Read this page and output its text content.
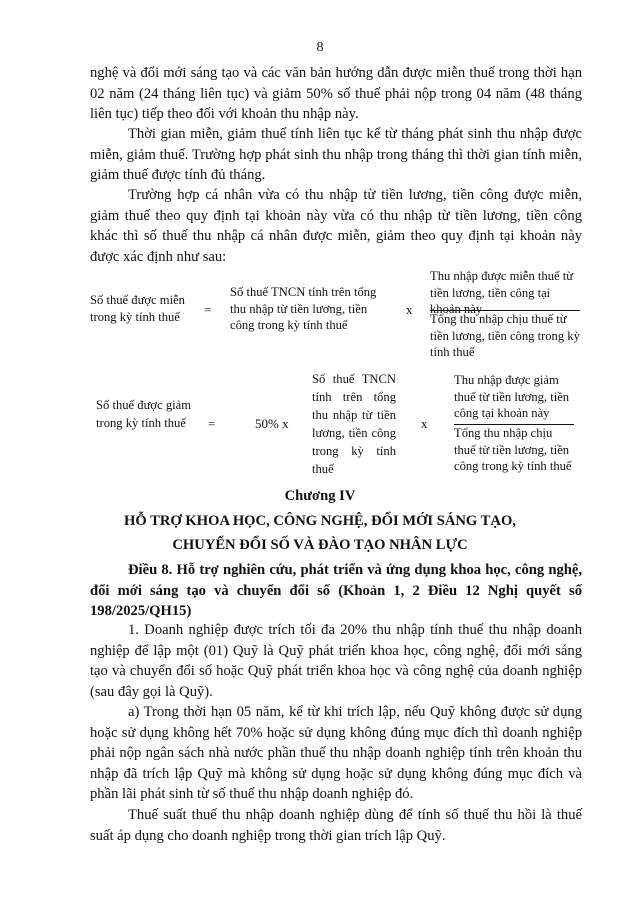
8

nghệ và đổi mới sáng tạo và các văn bản hướng dẫn được miễn thuế trong thời hạn 02 năm (24 tháng liên tục) và giảm 50% số thuế phải nộp trong 04 năm (48 tháng liên tục) tiếp theo đối với khoản thu nhập này.

Thời gian miễn, giảm thuế tính liên tục kể từ tháng phát sinh thu nhập được miễn, giảm thuế. Trường hợp phát sinh thu nhập trong tháng thì thời gian tính miễn, giảm thuế được tính đủ tháng.

Trường hợp cá nhân vừa có thu nhập từ tiền lương, tiền công được miễn, giảm thuế theo quy định tại khoản này vừa có thu nhập từ tiền lương, tiền công khác thì số thuế thu nhập cá nhân được miễn, giảm theo quy định tại khoản này được xác định như sau:

Số thuế được miễn trong kỳ tính thuế	=
Số thuế TNCN tính trên tổng thu nhập từ tiền lương, tiền công trong kỳ tính thuế
x
Thu nhập được miễn thuế từ tiền lương, tiền công tại khoản này
Tổng thu nhập chịu thuế từ tiền lương, tiền công trong kỳ tính thuế
Số thuế được giảm trong kỳ tính thuế	=	50% x
Số thuế TNCN tính trên tổng thu nhập từ tiền lương, tiền công trong kỳ tính thuế
x
Thu nhập được giảm thuế từ tiền lương, tiền công tại khoản này
Tổng thu nhập chịu thuế từ tiền lương, tiền công trong kỳ tính thuế
Chương IV
HỖ TRỢ KHOA HỌC, CÔNG NGHỆ, ĐỔI MỚI SÁNG TẠO,
CHUYỂN ĐỔI SỐ VÀ ĐÀO TẠO NHÂN LỰC

Điều 8. Hỗ trợ nghiên cứu, phát triển và ứng dụng khoa học, công nghệ, đổi mới sáng tạo và chuyển đổi số (Khoản 1, 2 Điều 12 Nghị quyết số 198/2025/QH15)

1. Doanh nghiệp được trích tối đa 20% thu nhập tính thuế thu nhập doanh nghiệp để lập một (01) Quỹ là Quỹ phát triển khoa học, công nghệ, đổi mới sáng tạo và chuyển đổi số hoặc Quỹ phát triển khoa học và công nghệ của doanh nghiệp (sau đây gọi là Quỹ).

a) Trong thời hạn 05 năm, kể từ khi trích lập, nếu Quỹ không được sử dụng hoặc sử dụng không hết 70% hoặc sử dụng không đúng mục đích thì doanh nghiệp phải nộp ngân sách nhà nước phần thuế thu nhập doanh nghiệp tính trên khoản thu nhập đã trích lập Quỹ mà không sử dụng hoặc sử dụng không đúng mục đích và phần lãi phát sinh từ số thuế thu nhập doanh nghiệp đó.

Thuế suất thuế thu nhập doanh nghiệp dùng để tính số thuế thu hồi là thuế suất áp dụng cho doanh nghiệp trong thời gian trích lập Quỹ.
